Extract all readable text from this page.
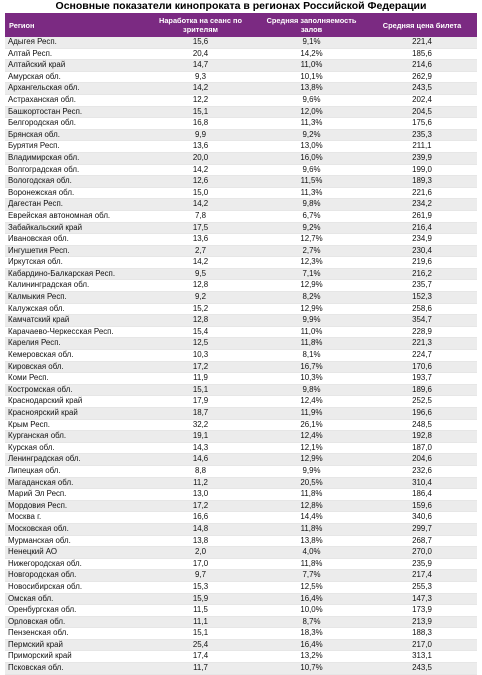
Основные показатели кинопроката в регионах Российской Федерации
Регион	Наработка на сеанс по зрителям	Средняя заполняемость залов	Средняя цена билета
Адыгея Респ.	15,6	9,1%	221,4
Алтай Респ.	20,4	14,2%	185,6
Алтайский край	14,7	11,0%	214,6
Амурская обл.	9,3	10,1%	262,9
Архангельская обл.	14,2	13,8%	243,5
Астраханская обл.	12,2	9,6%	202,4
Башкортостан Респ.	15,1	12,0%	204,5
Белгородская обл.	16,8	11,3%	175,6
Брянская обл.	9,9	9,2%	235,3
Бурятия Респ.	13,6	13,0%	211,1
Владимирская обл.	20,0	16,0%	239,9
Волгоградская обл.	14,2	9,6%	199,0
Вологодская обл.	12,6	11,5%	189,3
Воронежская обл.	15,0	11,3%	221,6
Дагестан Респ.	14,2	9,8%	234,2
Еврейская автономная обл.	7,8	6,7%	261,9
Забайкальский край	17,5	9,2%	216,4
Ивановская обл.	13,6	12,7%	234,9
Ингушетия Респ.	2,7	2,7%	230,4
Иркутская обл.	14,2	12,3%	219,6
Кабардино-Балкарская Респ.	9,5	7,1%	216,2
Калининградская обл.	12,8	12,9%	235,7
Калмыкия Респ.	9,2	8,2%	152,3
Калужская обл.	15,2	12,9%	258,6
Камчатский край	12,8	9,9%	354,7
Карачаево-Черкесская Респ.	15,4	11,0%	228,9
Карелия Респ.	12,5	11,8%	221,3
Кемеровская обл.	10,3	8,1%	224,7
Кировская обл.	17,2	16,7%	170,6
Коми Респ.	11,9	10,3%	193,7
Костромская обл.	15,1	9,8%	189,6
Краснодарский край	17,9	12,4%	252,5
Красноярский край	18,7	11,9%	196,6
Крым Респ.	32,2	26,1%	248,5
Курганская обл.	19,1	12,4%	192,8
Курская обл.	14,3	12,1%	187,0
Ленинградская обл.	14,6	12,9%	204,6
Липецкая обл.	8,8	9,9%	232,6
Магаданская обл.	11,2	20,5%	310,4
Марий Эл Респ.	13,0	11,8%	186,4
Мордовия Респ.	17,2	12,8%	159,6
Москва г.	16,6	14,4%	340,6
Московская обл.	14,8	11,8%	299,7
Мурманская обл.	13,8	13,8%	268,7
Ненецкий АО	2,0	4,0%	270,0
Нижегородская обл.	17,0	11,8%	235,9
Новгородская обл.	9,7	7,7%	217,4
Новосибирская обл.	15,3	12,5%	255,3
Омская обл.	15,9	16,4%	147,3
Оренбургская обл.	11,5	10,0%	173,9
Орловская обл.	11,1	8,7%	213,9
Пензенская обл.	15,1	18,3%	188,3
Пермский край	25,4	16,4%	217,0
Приморский край	17,4	13,2%	313,1
Псковская обл.	11,7	10,7%	243,5
